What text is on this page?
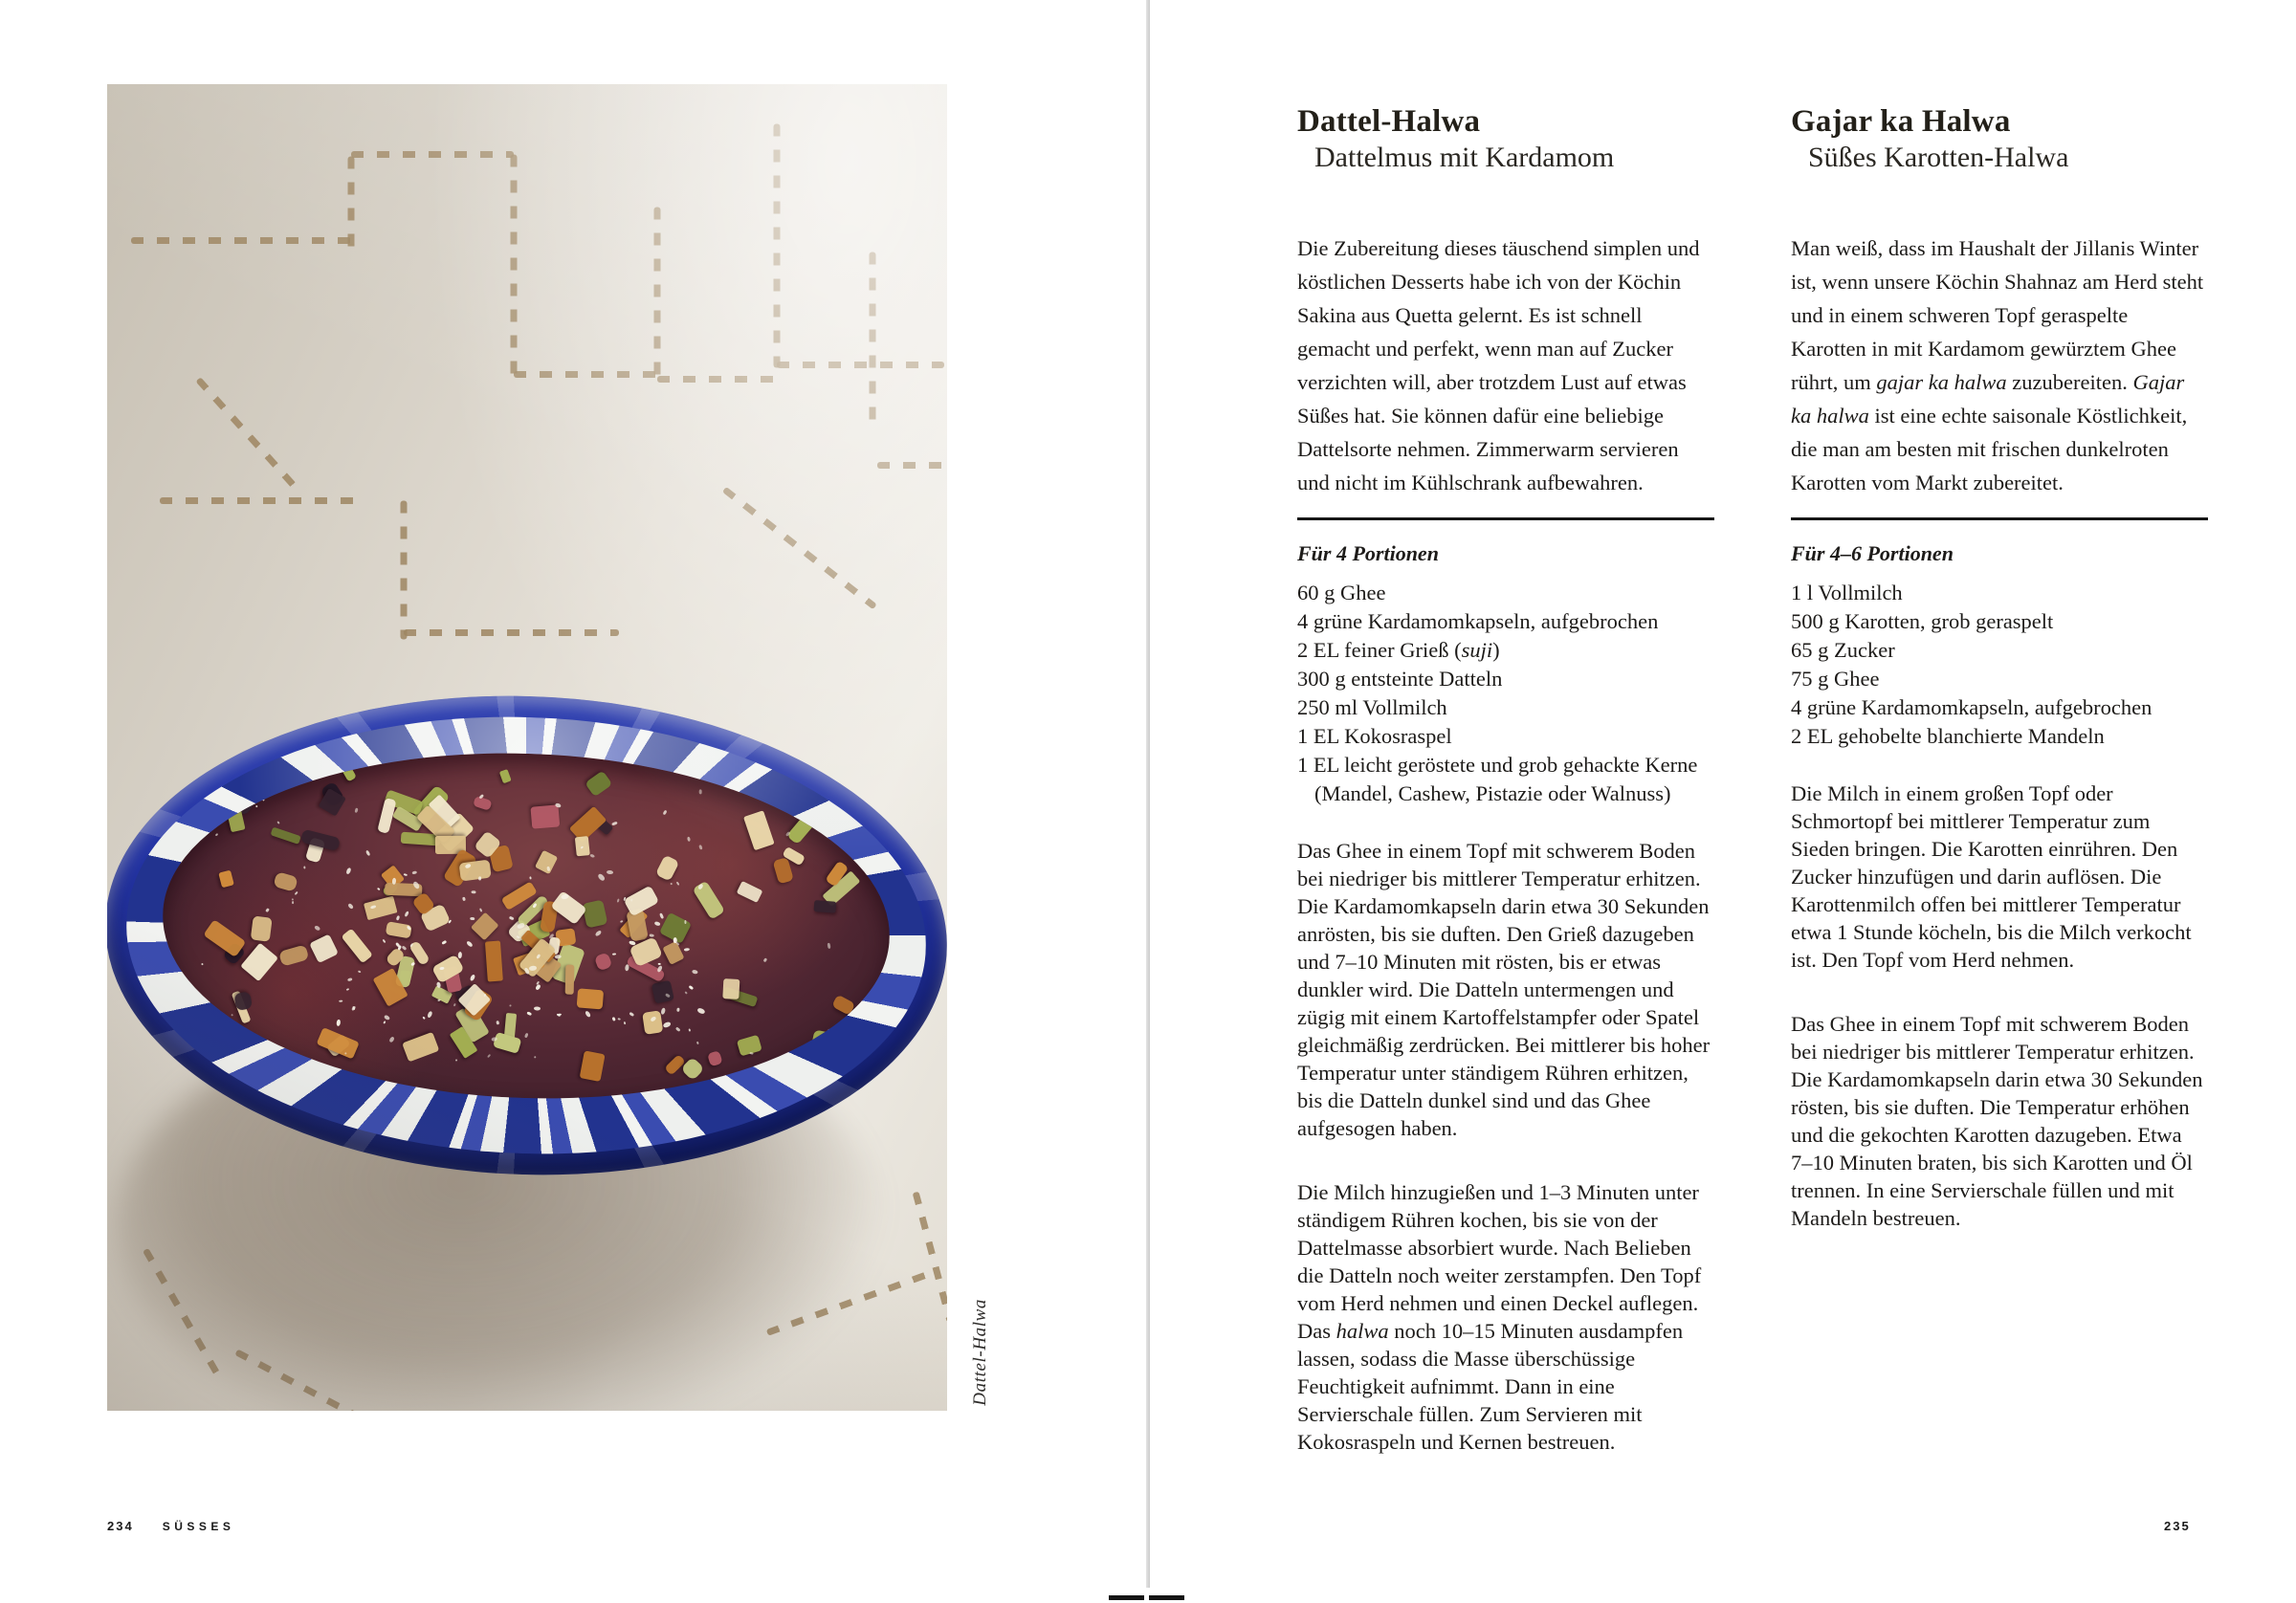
Dattel-Halwa
Dattel-Halwa
Dattelmus mit Kardamom

Die Zubereitung dieses täuschend simplen und köstlichen Desserts habe ich von der Köchin Sakina aus Quetta gelernt. Es ist schnell gemacht und perfekt, wenn man auf Zucker verzichten will, aber trotzdem Lust auf etwas Süßes hat. Sie können dafür eine beliebige Dattelsorte nehmen. Zimmerwarm servieren und nicht im Kühlschrank aufbewahren.

Für 4 Portionen

60 g Ghee
4 grüne Kardamomkapseln, aufgebrochen
2 EL feiner Grieß (suji)
300 g entsteinte Datteln
250 ml Vollmilch
1 EL Kokosraspel
1 EL leicht geröstete und grob gehackte Kerne (Mandel, Cashew, Pistazie oder Walnuss)
Das Ghee in einem Topf mit schwerem Boden bei niedriger bis mittlerer Temperatur erhitzen. Die Kardamomkapseln darin etwa 30 Sekunden anrösten, bis sie duften. Den Grieß dazugeben und 7–10 Minuten mit rösten, bis er etwas dunkler wird. Die Datteln untermengen und zügig mit einem Kartoffelstampfer oder Spatel gleichmäßig zerdrücken. Bei mittlerer bis hoher Temperatur unter ständigem Rühren erhitzen, bis die Datteln dunkel sind und das Ghee aufgesogen haben.
Die Milch hinzugießen und 1–3 Minuten unter ständigem Rühren kochen, bis sie von der Dattelmasse absorbiert wurde. Nach Belieben die Datteln noch weiter zerstampfen. Den Topf vom Herd nehmen und einen Deckel auflegen. Das halwa noch 10–15 Minuten ausdampfen lassen, sodass die Masse überschüssige Feuchtigkeit aufnimmt. Dann in eine Servierschale füllen. Zum Servieren mit Kokosraspeln und Kernen bestreuen.
Gajar ka Halwa
Süßes Karotten-Halwa

Man weiß, dass im Haushalt der Jillanis Winter ist, wenn unsere Köchin Shahnaz am Herd steht und in einem schweren Topf geraspelte Karotten in mit Kardamom gewürztem Ghee rührt, um gajar ka halwa zuzubereiten. Gajar ka halwa ist eine echte saisonale Köstlichkeit, die man am besten mit frischen dunkelroten Karotten vom Markt zubereitet.

Für 4–6 Portionen

1 l Vollmilch
500 g Karotten, grob geraspelt
65 g Zucker
75 g Ghee
4 grüne Kardamomkapseln, aufgebrochen
2 EL gehobelte blanchierte Mandeln
Die Milch in einem großen Topf oder Schmortopf bei mittlerer Temperatur zum Sieden bringen. Die Karotten einrühren. Den Zucker hinzufügen und darin auflösen. Die Karottenmilch offen bei mittlerer Temperatur etwa 1 Stunde köcheln, bis die Milch verkocht ist. Den Topf vom Herd nehmen.
Das Ghee in einem Topf mit schwerem Boden bei niedriger bis mittlerer Temperatur erhitzen. Die Kardamomkapseln darin etwa 30 Sekunden rösten, bis sie duften. Die Temperatur erhöhen und die gekochten Karotten dazugeben. Etwa 7–10 Minuten braten, bis sich Karotten und Öl trennen. In eine Servierschale füllen und mit Mandeln bestreuen.
234	SÜSSES	235
